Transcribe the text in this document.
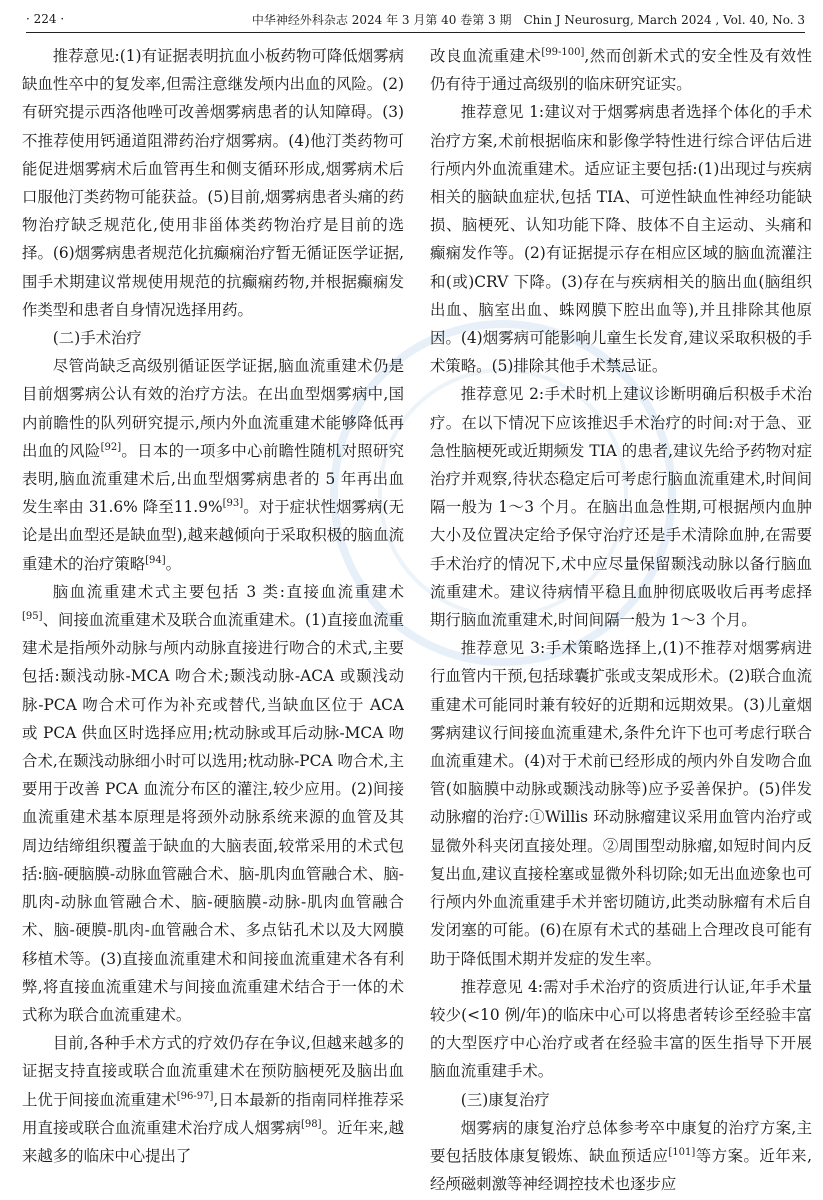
· 224 ·	中华神经外科杂志 2024 年 3 月第 40 卷第 3 期　Chin J Neurosurg, March 2024 , Vol. 40, No. 3

推荐意见:(1)有证据表明抗血小板药物可降低烟雾病缺血性卒中的复发率,但需注意继发颅内出血的风险。(2)有研究提示西洛他唑可改善烟雾病患者的认知障碍。(3)不推荐使用钙通道阻滞药治疗烟雾病。(4)他汀类药物可能促进烟雾病术后血管再生和侧支循环形成,烟雾病术后口服他汀类药物可能获益。(5)目前,烟雾病患者头痛的药物治疗缺乏规范化,使用非甾体类药物治疗是目前的选择。(6)烟雾病患者规范化抗癫痫治疗暂无循证医学证据,围手术期建议常规使用规范的抗癫痫药物,并根据癫痫发作类型和患者自身情况选择用药。

(二)手术治疗

尽管尚缺乏高级别循证医学证据,脑血流重建术仍是目前烟雾病公认有效的治疗方法。在出血型烟雾病中,国内前瞻性的队列研究提示,颅内外血流重建术能够降低再出血的风险[92]。日本的一项多中心前瞻性随机对照研究表明,脑血流重建术后,出血型烟雾病患者的 5 年再出血发生率由 31.6% 降至11.9%[93]。对于症状性烟雾病(无论是出血型还是缺血型),越来越倾向于采取积极的脑血流重建术的治疗策略[94]。

脑血流重建术式主要包括 3 类:直接血流重建术[95]、间接血流重建术及联合血流重建术。(1)直接血流重建术是指颅外动脉与颅内动脉直接进行吻合的术式,主要包括:颞浅动脉-MCA 吻合术;颞浅动脉-ACA 或颞浅动脉-PCA 吻合术可作为补充或替代,当缺血区位于 ACA 或 PCA 供血区时选择应用;枕动脉或耳后动脉-MCA 吻合术,在颞浅动脉细小时可以选用;枕动脉-PCA 吻合术,主要用于改善 PCA 血流分布区的灌注,较少应用。(2)间接血流重建术基本原理是将颈外动脉系统来源的血管及其周边结缔组织覆盖于缺血的大脑表面,较常采用的术式包括:脑-硬脑膜-动脉血管融合术、脑-肌肉血管融合术、脑-肌肉-动脉血管融合术、脑-硬脑膜-动脉-肌肉血管融合术、脑-硬膜-肌肉-血管融合术、多点钻孔术以及大网膜移植术等。(3)直接血流重建术和间接血流重建术各有利弊,将直接血流重建术与间接血流重建术结合于一体的术式称为联合血流重建术。

目前,各种手术方式的疗效仍存在争议,但越来越多的证据支持直接或联合血流重建术在预防脑梗死及脑出血上优于间接血流重建术[96-97],日本最新的指南同样推荐采用直接或联合血流重建术治疗成人烟雾病[98]。近年来,越来越多的临床中心提出了

改良血流重建术[99-100],然而创新术式的安全性及有效性仍有待于通过高级别的临床研究证实。

推荐意见 1:建议对于烟雾病患者选择个体化的手术治疗方案,术前根据临床和影像学特性进行综合评估后进行颅内外血流重建术。适应证主要包括:(1)出现过与疾病相关的脑缺血症状,包括 TIA、可逆性缺血性神经功能缺损、脑梗死、认知功能下降、肢体不自主运动、头痛和癫痫发作等。(2)有证据提示存在相应区域的脑血流灌注和(或)CRV 下降。(3)存在与疾病相关的脑出血(脑组织出血、脑室出血、蛛网膜下腔出血等),并且排除其他原因。(4)烟雾病可能影响儿童生长发育,建议采取积极的手术策略。(5)排除其他手术禁忌证。

推荐意见 2:手术时机上建议诊断明确后积极手术治疗。在以下情况下应该推迟手术治疗的时间:对于急、亚急性脑梗死或近期频发 TIA 的患者,建议先给予药物对症治疗并观察,待状态稳定后可考虑行脑血流重建术,时间间隔一般为 1～3 个月。在脑出血急性期,可根据颅内血肿大小及位置决定给予保守治疗还是手术清除血肿,在需要手术治疗的情况下,术中应尽量保留颞浅动脉以备行脑血流重建术。建议待病情平稳且血肿彻底吸收后再考虑择期行脑血流重建术,时间间隔一般为 1～3 个月。

推荐意见 3:手术策略选择上,(1)不推荐对烟雾病进行血管内干预,包括球囊扩张或支架成形术。(2)联合血流重建术可能同时兼有较好的近期和远期效果。(3)儿童烟雾病建议行间接血流重建术,条件允许下也可考虑行联合血流重建术。(4)对于术前已经形成的颅内外自发吻合血管(如脑膜中动脉或颞浅动脉等)应予妥善保护。(5)伴发动脉瘤的治疗:①Willis 环动脉瘤建议采用血管内治疗或显微外科夹闭直接处理。②周围型动脉瘤,如短时间内反复出血,建议直接栓塞或显微外科切除;如无出血迹象也可行颅内外血流重建手术并密切随访,此类动脉瘤有术后自发闭塞的可能。(6)在原有术式的基础上合理改良可能有助于降低围术期并发症的发生率。

推荐意见 4:需对手术治疗的资质进行认证,年手术量较少(<10 例/年)的临床中心可以将患者转诊至经验丰富的大型医疗中心治疗或者在经验丰富的医生指导下开展脑血流重建手术。

(三)康复治疗

烟雾病的康复治疗总体参考卒中康复的治疗方案,主要包括肢体康复锻炼、缺血预适应[101]等方案。近年来,经颅磁刺激等神经调控技术也逐步应
